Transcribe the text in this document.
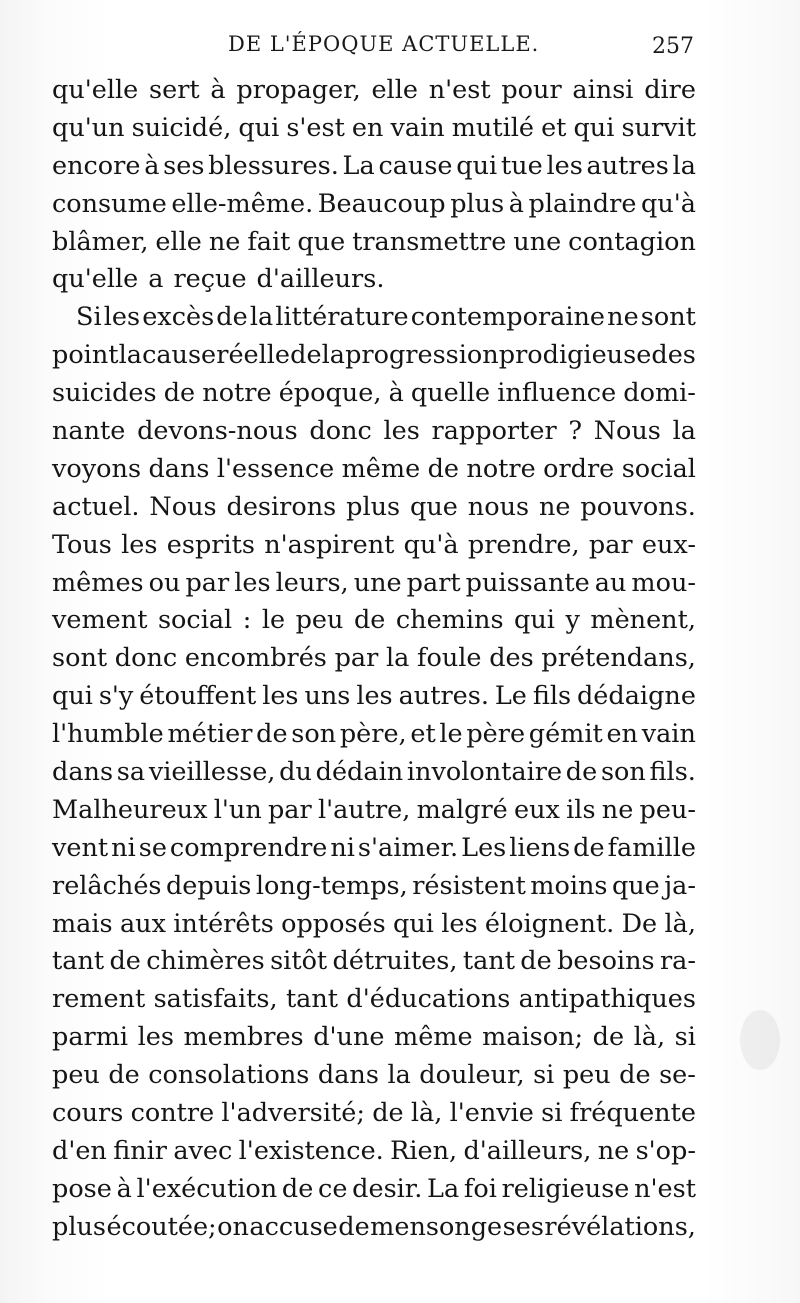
DE L'ÉPOQUE ACTUELLE.	257
qu'elle sert à propager, elle n'est pour ainsi dire
qu'un suicidé, qui s'est en vain mutilé et qui survit
encore à ses blessures. La cause qui tue les autres la
consume elle-même. Beaucoup plus à plaindre qu'à
blâmer, elle ne fait que transmettre une contagion
qu'elle a reçue d'ailleurs.
Si les excès de la littérature contemporaine ne sont
point la cause réelle de la progression prodigieuse des
suicides de notre époque, à quelle influence domi-
nante devons-nous donc les rapporter ? Nous la
voyons dans l'essence même de notre ordre social
actuel. Nous desirons plus que nous ne pouvons.
Tous les esprits n'aspirent qu'à prendre, par eux-
mêmes ou par les leurs, une part puissante au mou-
vement social : le peu de chemins qui y mènent,
sont donc encombrés par la foule des prétendans,
qui s'y étouffent les uns les autres. Le fils dédaigne
l'humble métier de son père, et le père gémit en vain
dans sa vieillesse, du dédain involontaire de son fils.
Malheureux l'un par l'autre, malgré eux ils ne peu-
vent ni se comprendre ni s'aimer. Les liens de famille
relâchés depuis long-temps, résistent moins que ja-
mais aux intérêts opposés qui les éloignent. De là,
tant de chimères sitôt détruites, tant de besoins ra-
rement satisfaits, tant d'éducations antipathiques
parmi les membres d'une même maison; de là, si
peu de consolations dans la douleur, si peu de se-
cours contre l'adversité; de là, l'envie si fréquente
d'en finir avec l'existence. Rien, d'ailleurs, ne s'op-
pose à l'exécution de ce desir. La foi religieuse n'est
plus écoutée; on accuse de mensonge ses révélations,
